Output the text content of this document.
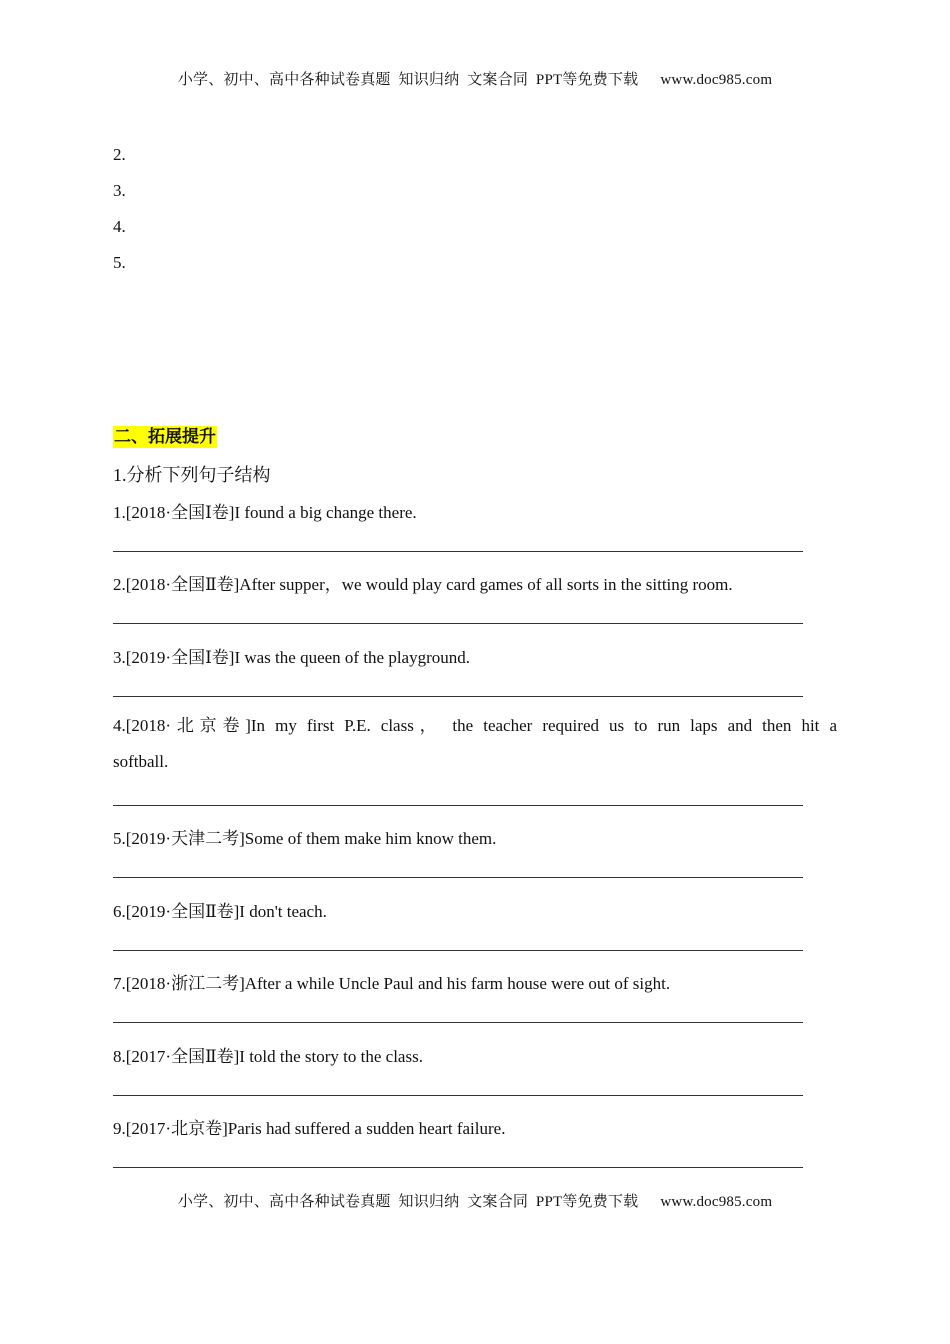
小学、初中、高中各种试卷真题  知识归纳  文案合同  PPT等免费下载 www.doc985.com
2.
3.
4.
5.
二、拓展提升
1.分析下列句子结构
1.[2018·全国Ⅰ卷]I found a big change there.
2.[2018·全国Ⅱ卷]After supper，we would play card games of all sorts in the sitting room.
3.[2019·全国Ⅰ卷]I was the queen of the playground.
4.[2018·北京卷]In my first P.E. class， the teacher required us to run laps and then hit a
softball.
5.[2019·天津二考]Some of them make him know them.
6.[2019·全国Ⅱ卷]I don't teach.
7.[2018·浙江二考]After a while Uncle Paul and his farm house were out of sight.
8.[2017·全国Ⅱ卷]I told the story to the class.
9.[2017·北京卷]Paris had suffered a sudden heart failure.
小学、初中、高中各种试卷真题  知识归纳  文案合同  PPT等免费下载 www.doc985.com
